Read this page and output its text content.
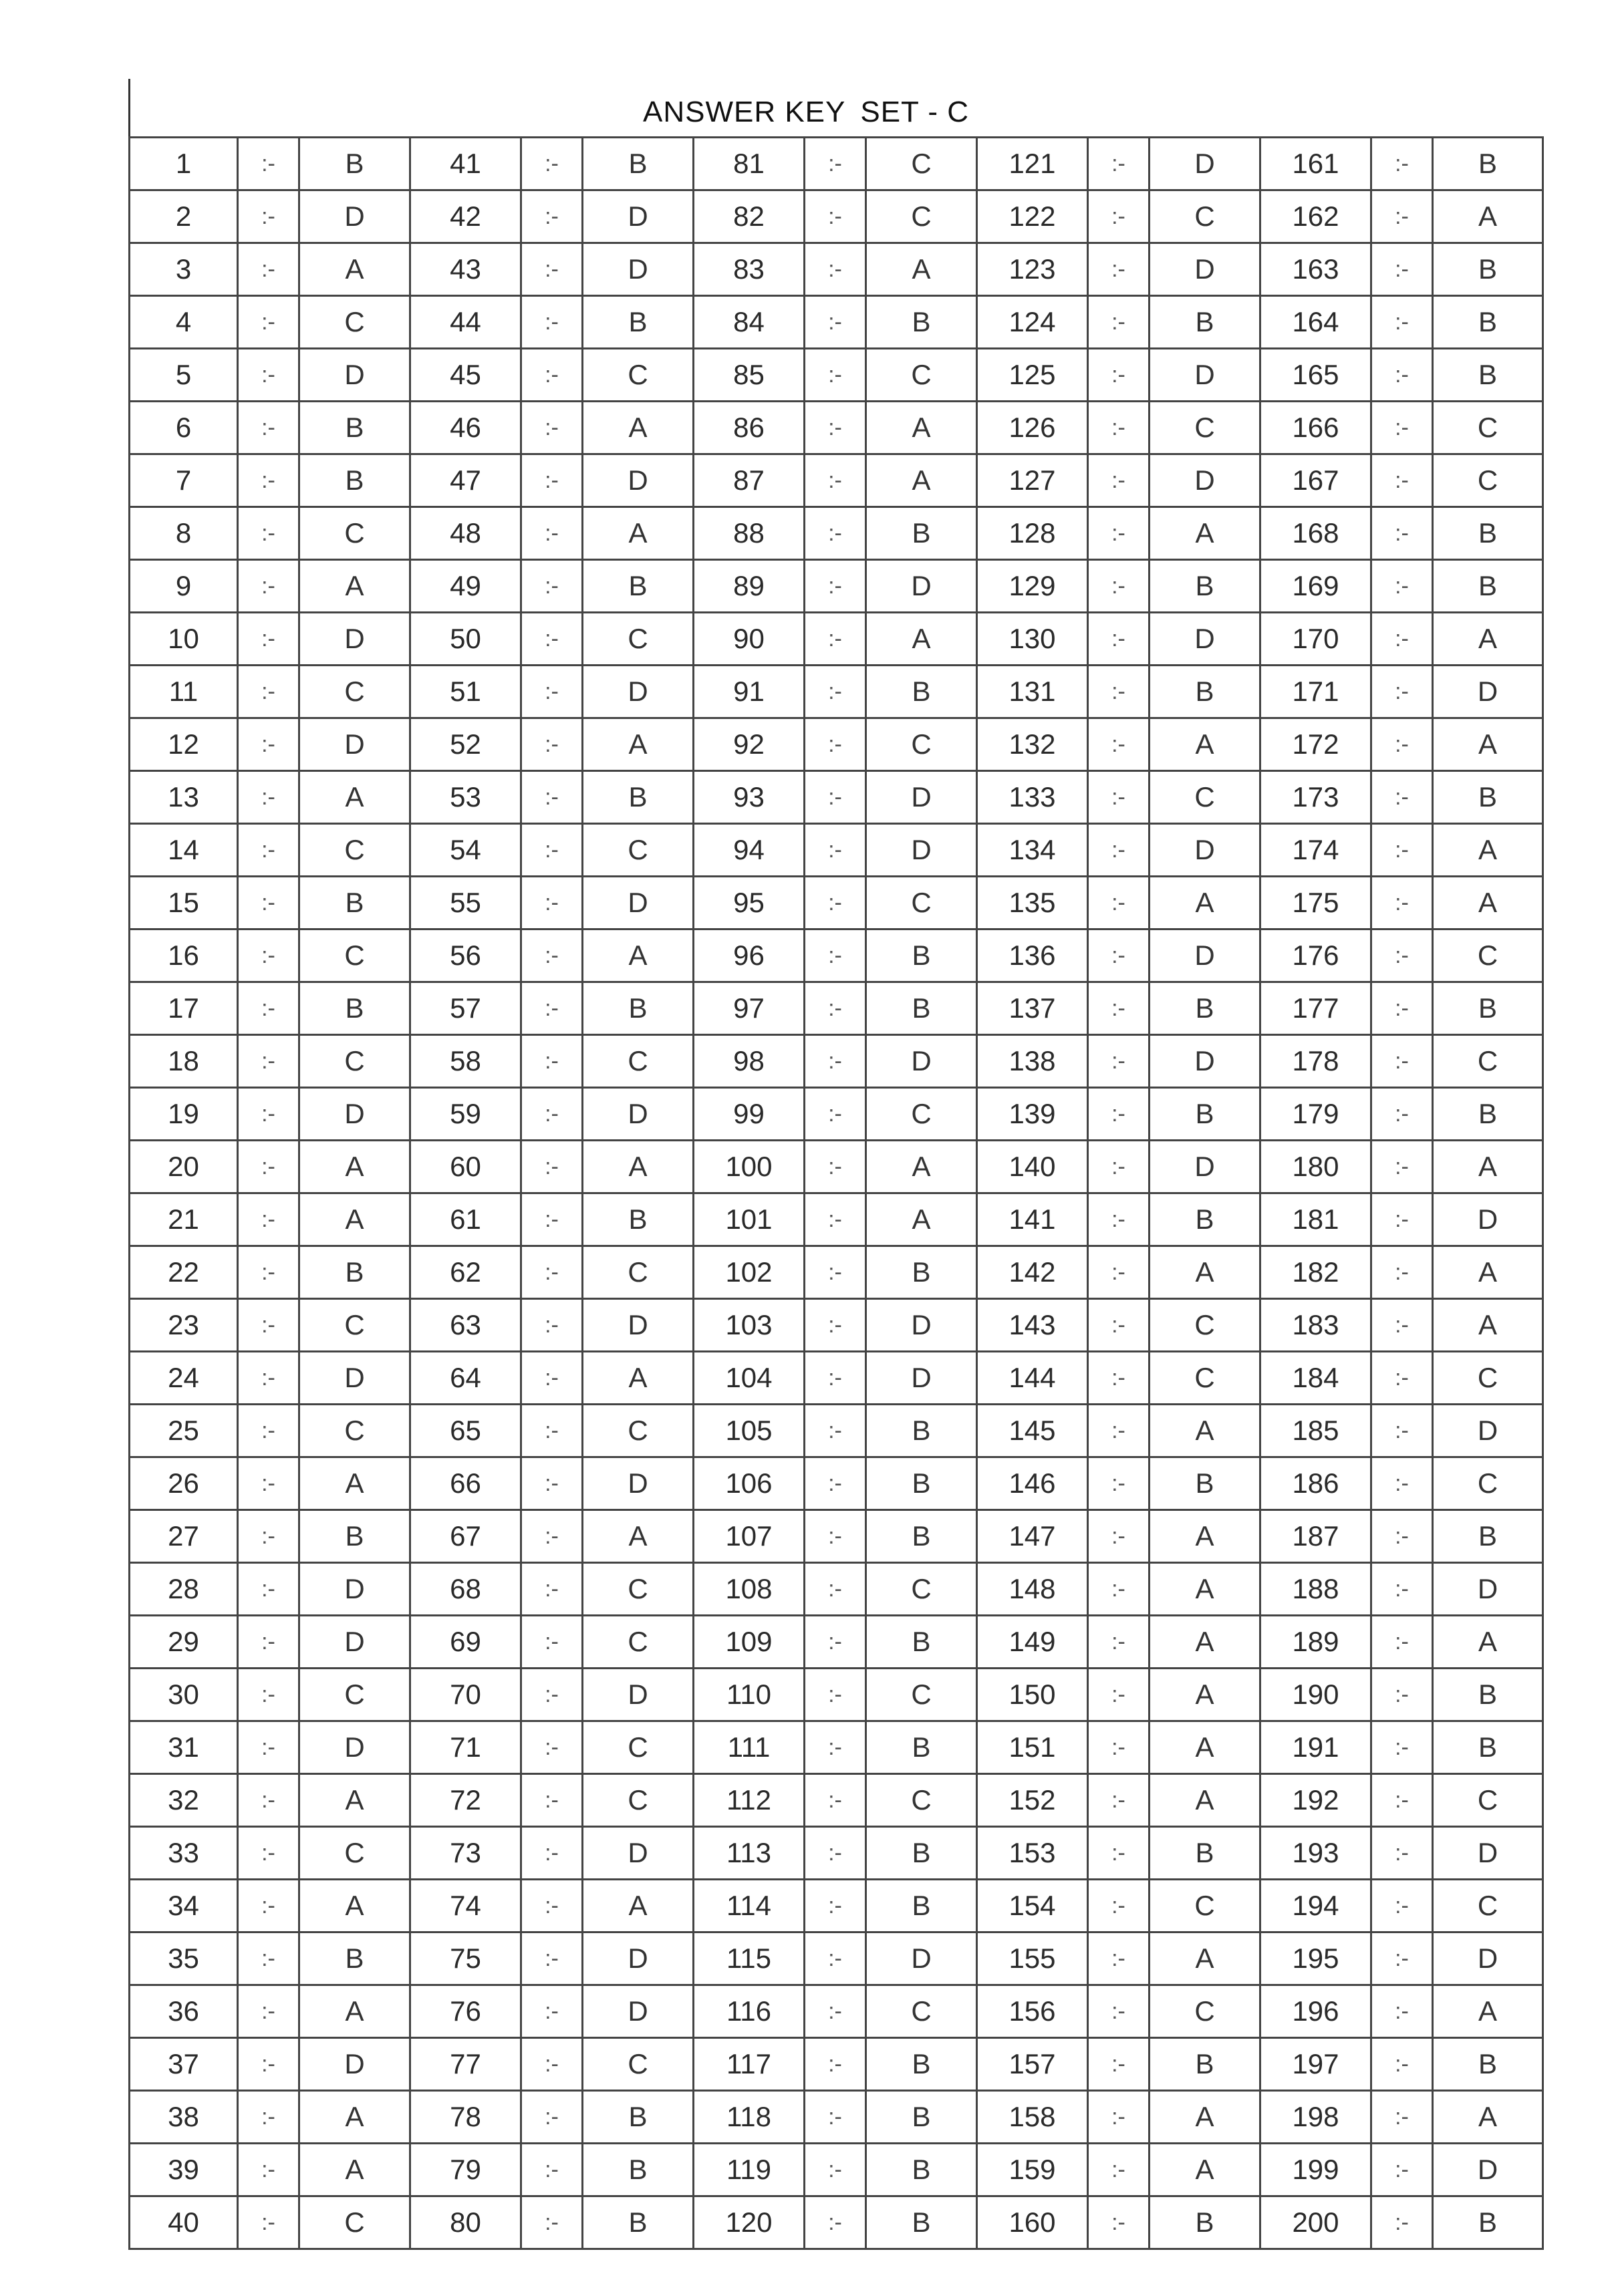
ANSWER KEY SET - C
1	:-	B	41	:-	B	81	:-	C	121	:-	D	161	:-	B
2	:-	D	42	:-	D	82	:-	C	122	:-	C	162	:-	A
3	:-	A	43	:-	D	83	:-	A	123	:-	D	163	:-	B
4	:-	C	44	:-	B	84	:-	B	124	:-	B	164	:-	B
5	:-	D	45	:-	C	85	:-	C	125	:-	D	165	:-	B
6	:-	B	46	:-	A	86	:-	A	126	:-	C	166	:-	C
7	:-	B	47	:-	D	87	:-	A	127	:-	D	167	:-	C
8	:-	C	48	:-	A	88	:-	B	128	:-	A	168	:-	B
9	:-	A	49	:-	B	89	:-	D	129	:-	B	169	:-	B
10	:-	D	50	:-	C	90	:-	A	130	:-	D	170	:-	A
11	:-	C	51	:-	D	91	:-	B	131	:-	B	171	:-	D
12	:-	D	52	:-	A	92	:-	C	132	:-	A	172	:-	A
13	:-	A	53	:-	B	93	:-	D	133	:-	C	173	:-	B
14	:-	C	54	:-	C	94	:-	D	134	:-	D	174	:-	A
15	:-	B	55	:-	D	95	:-	C	135	:-	A	175	:-	A
16	:-	C	56	:-	A	96	:-	B	136	:-	D	176	:-	C
17	:-	B	57	:-	B	97	:-	B	137	:-	B	177	:-	B
18	:-	C	58	:-	C	98	:-	D	138	:-	D	178	:-	C
19	:-	D	59	:-	D	99	:-	C	139	:-	B	179	:-	B
20	:-	A	60	:-	A	100	:-	A	140	:-	D	180	:-	A
21	:-	A	61	:-	B	101	:-	A	141	:-	B	181	:-	D
22	:-	B	62	:-	C	102	:-	B	142	:-	A	182	:-	A
23	:-	C	63	:-	D	103	:-	D	143	:-	C	183	:-	A
24	:-	D	64	:-	A	104	:-	D	144	:-	C	184	:-	C
25	:-	C	65	:-	C	105	:-	B	145	:-	A	185	:-	D
26	:-	A	66	:-	D	106	:-	B	146	:-	B	186	:-	C
27	:-	B	67	:-	A	107	:-	B	147	:-	A	187	:-	B
28	:-	D	68	:-	C	108	:-	C	148	:-	A	188	:-	D
29	:-	D	69	:-	C	109	:-	B	149	:-	A	189	:-	A
30	:-	C	70	:-	D	110	:-	C	150	:-	A	190	:-	B
31	:-	D	71	:-	C	111	:-	B	151	:-	A	191	:-	B
32	:-	A	72	:-	C	112	:-	C	152	:-	A	192	:-	C
33	:-	C	73	:-	D	113	:-	B	153	:-	B	193	:-	D
34	:-	A	74	:-	A	114	:-	B	154	:-	C	194	:-	C
35	:-	B	75	:-	D	115	:-	D	155	:-	A	195	:-	D
36	:-	A	76	:-	D	116	:-	C	156	:-	C	196	:-	A
37	:-	D	77	:-	C	117	:-	B	157	:-	B	197	:-	B
38	:-	A	78	:-	B	118	:-	B	158	:-	A	198	:-	A
39	:-	A	79	:-	B	119	:-	B	159	:-	A	199	:-	D
40	:-	C	80	:-	B	120	:-	B	160	:-	B	200	:-	B
